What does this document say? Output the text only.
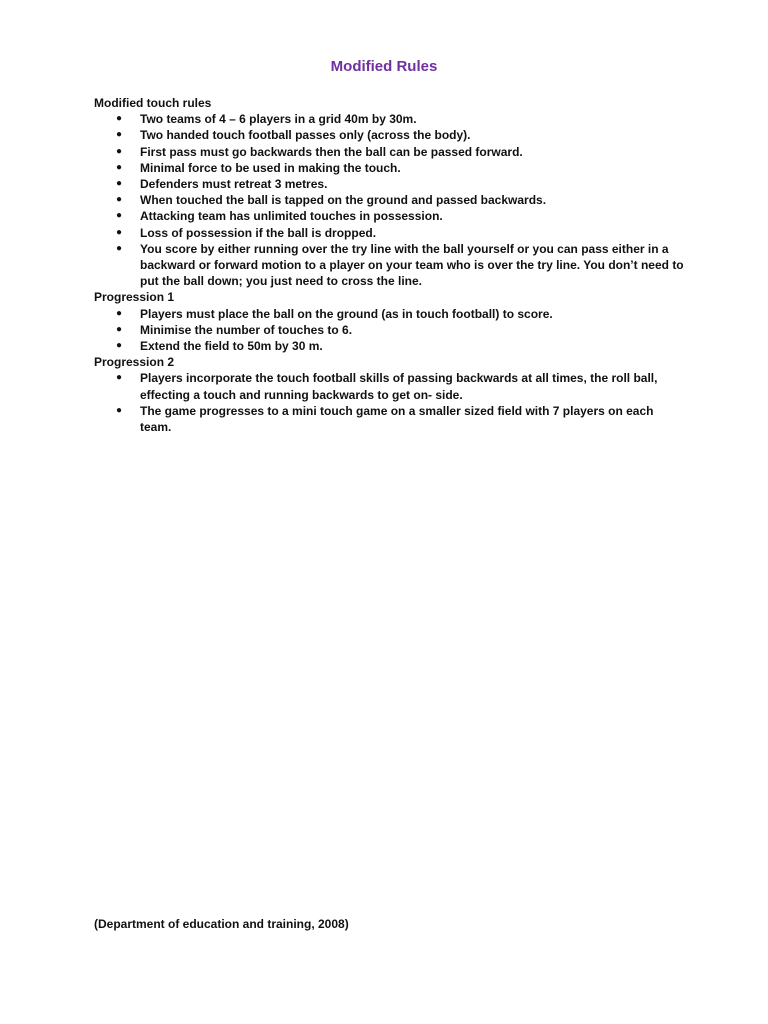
Modified Rules

Modified touch rules

● Two teams of 4 – 6 players in a grid 40m by 30m.
● Two handed touch football passes only (across the body).
● First pass must go backwards then the ball can be passed forward.
● Minimal force to be used in making the touch.
● Defenders must retreat 3 metres.
● When touched the ball is tapped on the ground and passed backwards.
● Attacking team has unlimited touches in possession.
● Loss of possession if the ball is dropped.
● You score by either running over the try line with the ball yourself or you can pass either in a backward or forward motion to a player on your team who is over the try line. You don’t need to put the ball down; you just need to cross the line.

Progression 1

● Players must place the ball on the ground (as in touch football) to score.
● Minimise the number of touches to 6.
● Extend the field to 50m by 30 m.

Progression 2

● Players incorporate the touch football skills of passing backwards at all times, the roll ball, effecting a touch and running backwards to get on- side.
● The game progresses to a mini touch game on a smaller sized field with 7 players on each team.
(Department of education and training, 2008)
